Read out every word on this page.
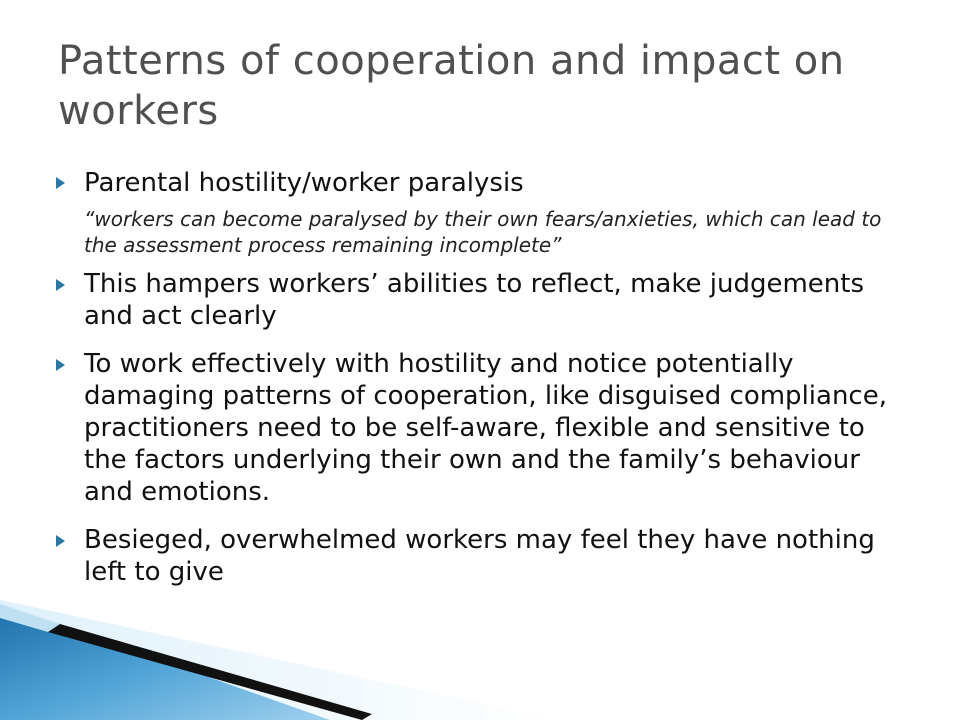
Patterns of cooperation and impact on workers
Parental hostility/worker paralysis
“workers can become paralysed by their own fears/anxieties, which can lead to the assessment process remaining incomplete”
This hampers workers’ abilities to reflect, make judgements and act clearly
To work effectively with hostility and notice potentially damaging patterns of cooperation, like disguised compliance, practitioners need to be self-aware, flexible and sensitive to the factors underlying their own and the family’s behaviour and emotions.
Besieged, overwhelmed workers may feel they have nothing left to give
